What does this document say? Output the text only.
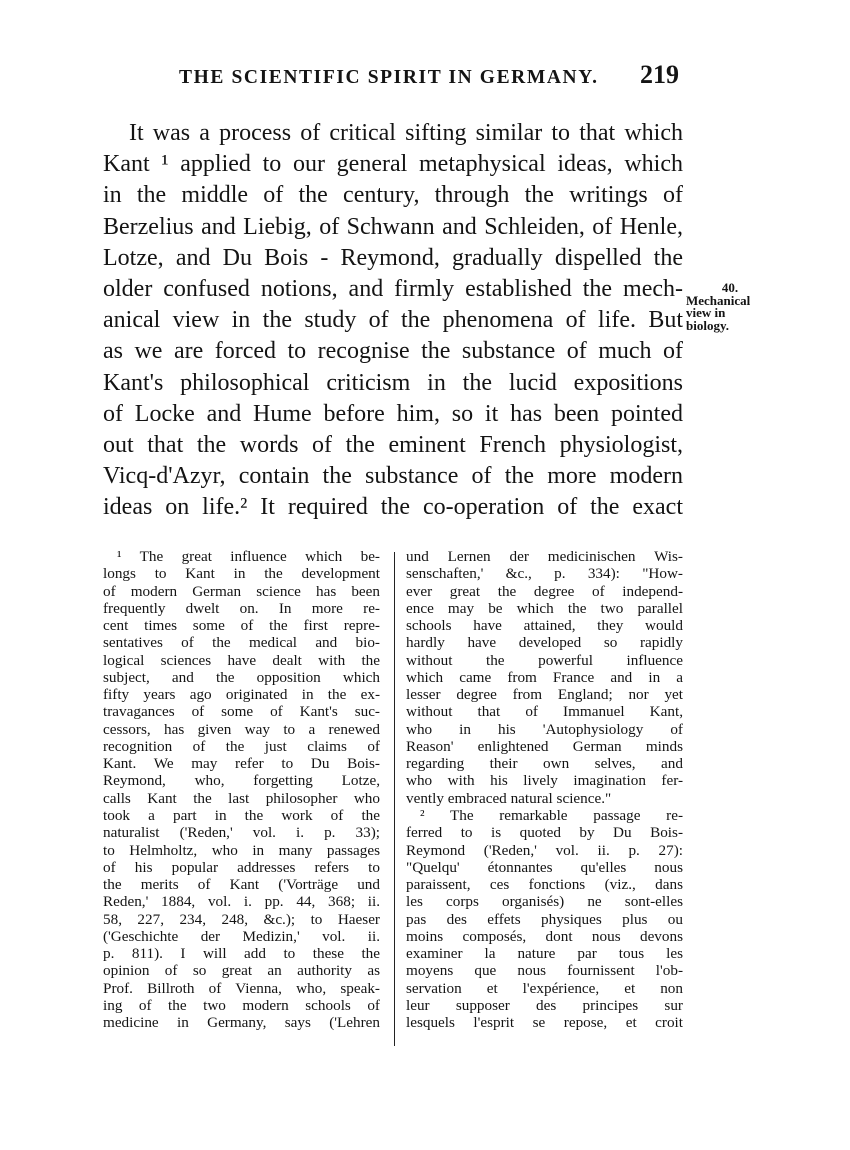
THE SCIENTIFIC SPIRIT IN GERMANY. 219
It was a process of critical sifting similar to that which
Kant ¹ applied to our general metaphysical ideas, which
in the middle of the century, through the writings of
Berzelius and Liebig, of Schwann and Schleiden, of Henle,
Lotze, and Du Bois - Reymond, gradually dispelled the
older confused notions, and firmly established the mech-
anical view in the study of the phenomena of life. But
as we are forced to recognise the substance of much of
Kant's philosophical criticism in the lucid expositions
of Locke and Hume before him, so it has been pointed
out that the words of the eminent French physiologist,
Vicq-d'Azyr, contain the substance of the more modern
ideas on life.² It required the co-operation of the exact
40.
Mechanical
view in
biology.
¹ The great influence which be-
longs to Kant in the development
of modern German science has been
frequently dwelt on. In more re-
cent times some of the first repre-
sentatives of the medical and bio-
logical sciences have dealt with the
subject, and the opposition which
fifty years ago originated in the ex-
travagances of some of Kant's suc-
cessors, has given way to a renewed
recognition of the just claims of
Kant. We may refer to Du Bois-
Reymond, who, forgetting Lotze,
calls Kant the last philosopher who
took a part in the work of the
naturalist ('Reden,' vol. i. p. 33);
to Helmholtz, who in many passages
of his popular addresses refers to
the merits of Kant ('Vorträge und
Reden,' 1884, vol. i. pp. 44, 368; ii.
58, 227, 234, 248, &c.); to Haeser
('Geschichte der Medizin,' vol. ii.
p. 811). I will add to these the
opinion of so great an authority as
Prof. Billroth of Vienna, who, speak-
ing of the two modern schools of
medicine in Germany, says ('Lehren
und Lernen der medicinischen Wis-
senschaften,' &c., p. 334): "How-
ever great the degree of independ-
ence may be which the two parallel
schools have attained, they would
hardly have developed so rapidly
without the powerful influence
which came from France and in a
lesser degree from England; nor yet
without that of Immanuel Kant,
who in his 'Autophysiology of
Reason' enlightened German minds
regarding their own selves, and
who with his lively imagination fer-
vently embraced natural science."
² The remarkable passage re-
ferred to is quoted by Du Bois-
Reymond ('Reden,' vol. ii. p. 27):
"Quelqu' étonnantes qu'elles nous
paraissent, ces fonctions (viz., dans
les corps organisés) ne sont-elles
pas des effets physiques plus ou
moins composés, dont nous devons
examiner la nature par tous les
moyens que nous fournissent l'ob-
servation et l'expérience, et non
leur supposer des principes sur
lesquels l'esprit se repose, et croit
